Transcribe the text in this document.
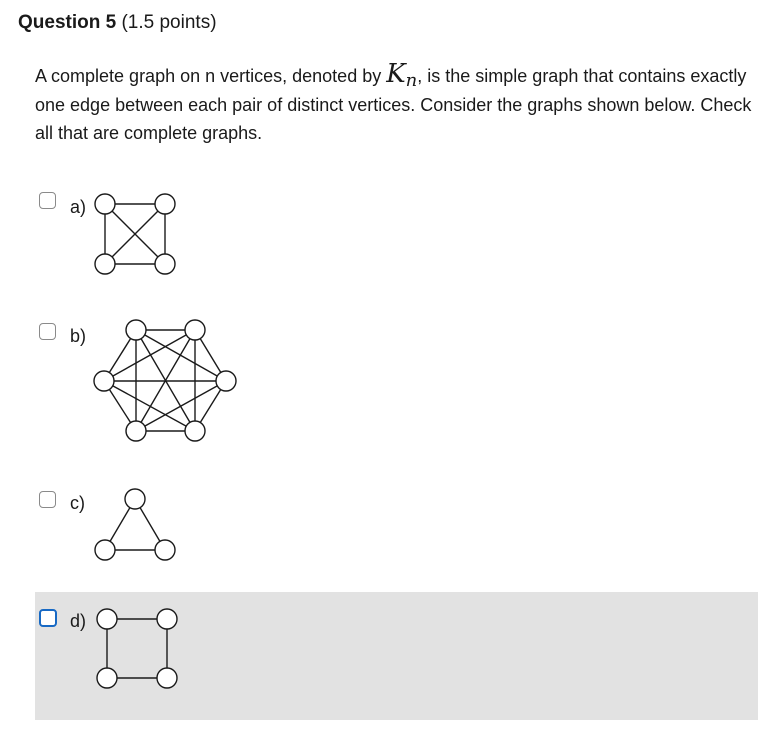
Question 5 (1.5 points)

A complete graph on n vertices, denoted by Kn, is the simple graph that contains exactly one edge between each pair of distinct vertices. Consider the graphs shown below. Check all that are complete graphs.

a)
b)
c)
d)
